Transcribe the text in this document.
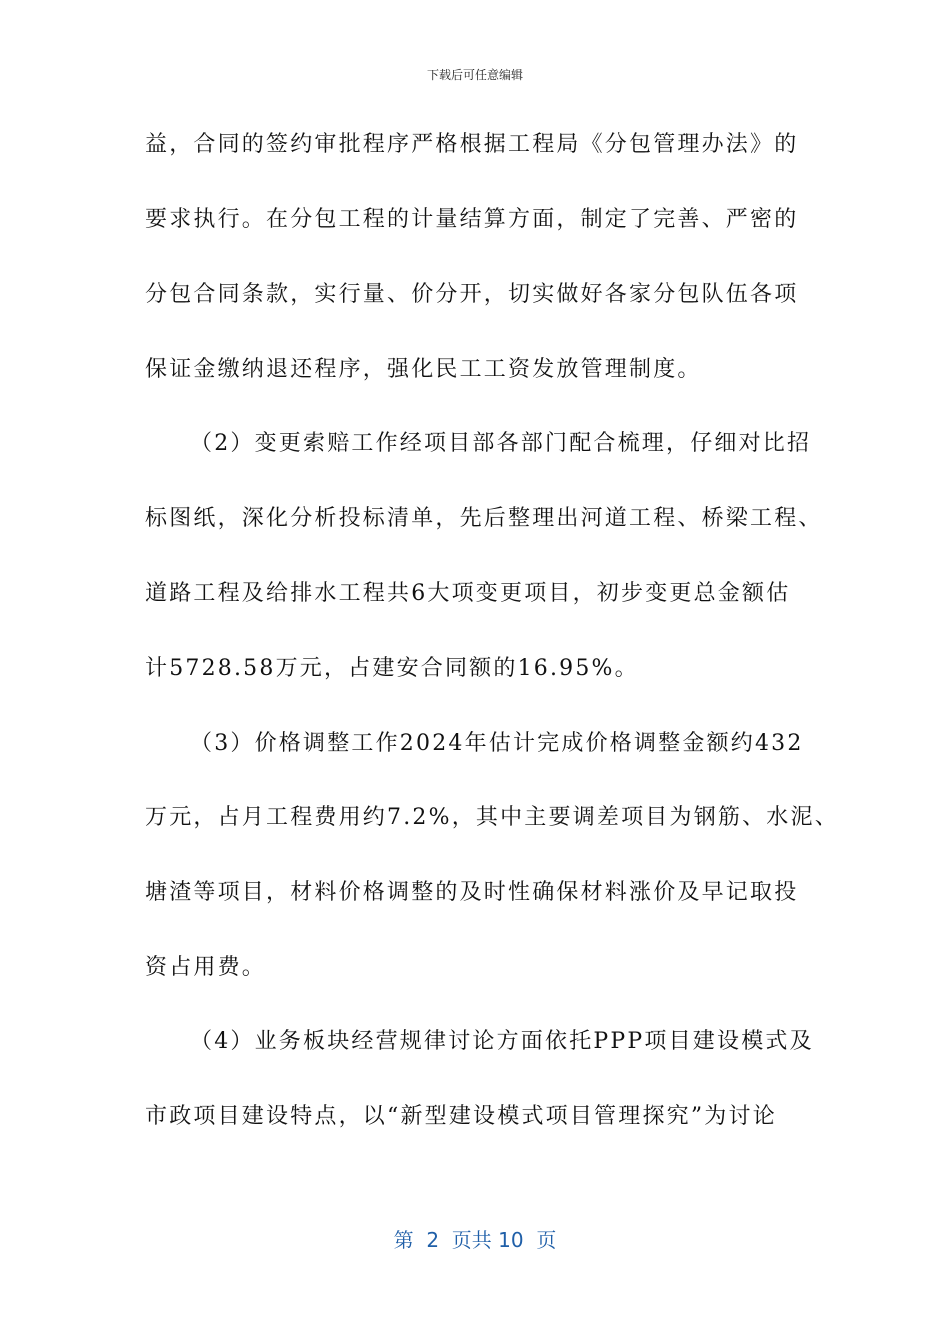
下载后可任意编辑
益，合同的签约审批程序严格根据工程局《分包管理办法》的
要求执行。在分包工程的计量结算方面，制定了完善、严密的
分包合同条款，实行量、价分开，切实做好各家分包队伍各项
保证金缴纳退还程序，强化民工工资发放管理制度。
（2）变更索赔工作经项目部各部门配合梳理，仔细对比招
标图纸，深化分析投标清单，先后整理出河道工程、桥梁工程、
道路工程及给排水工程共6大项变更项目，初步变更总金额估
计5728.58万元，占建安合同额的16.95%。
（3）价格调整工作2024年估计完成价格调整金额约432
万元，占月工程费用约7.2%，其中主要调差项目为钢筋、水泥、
塘渣等项目，材料价格调整的及时性确保材料涨价及早记取投
资占用费。
（4）业务板块经营规律讨论方面依托PPP项目建设模式及
市政项目建设特点，以“新型建设模式项目管理探究”为讨论
第  2  页共 10  页
